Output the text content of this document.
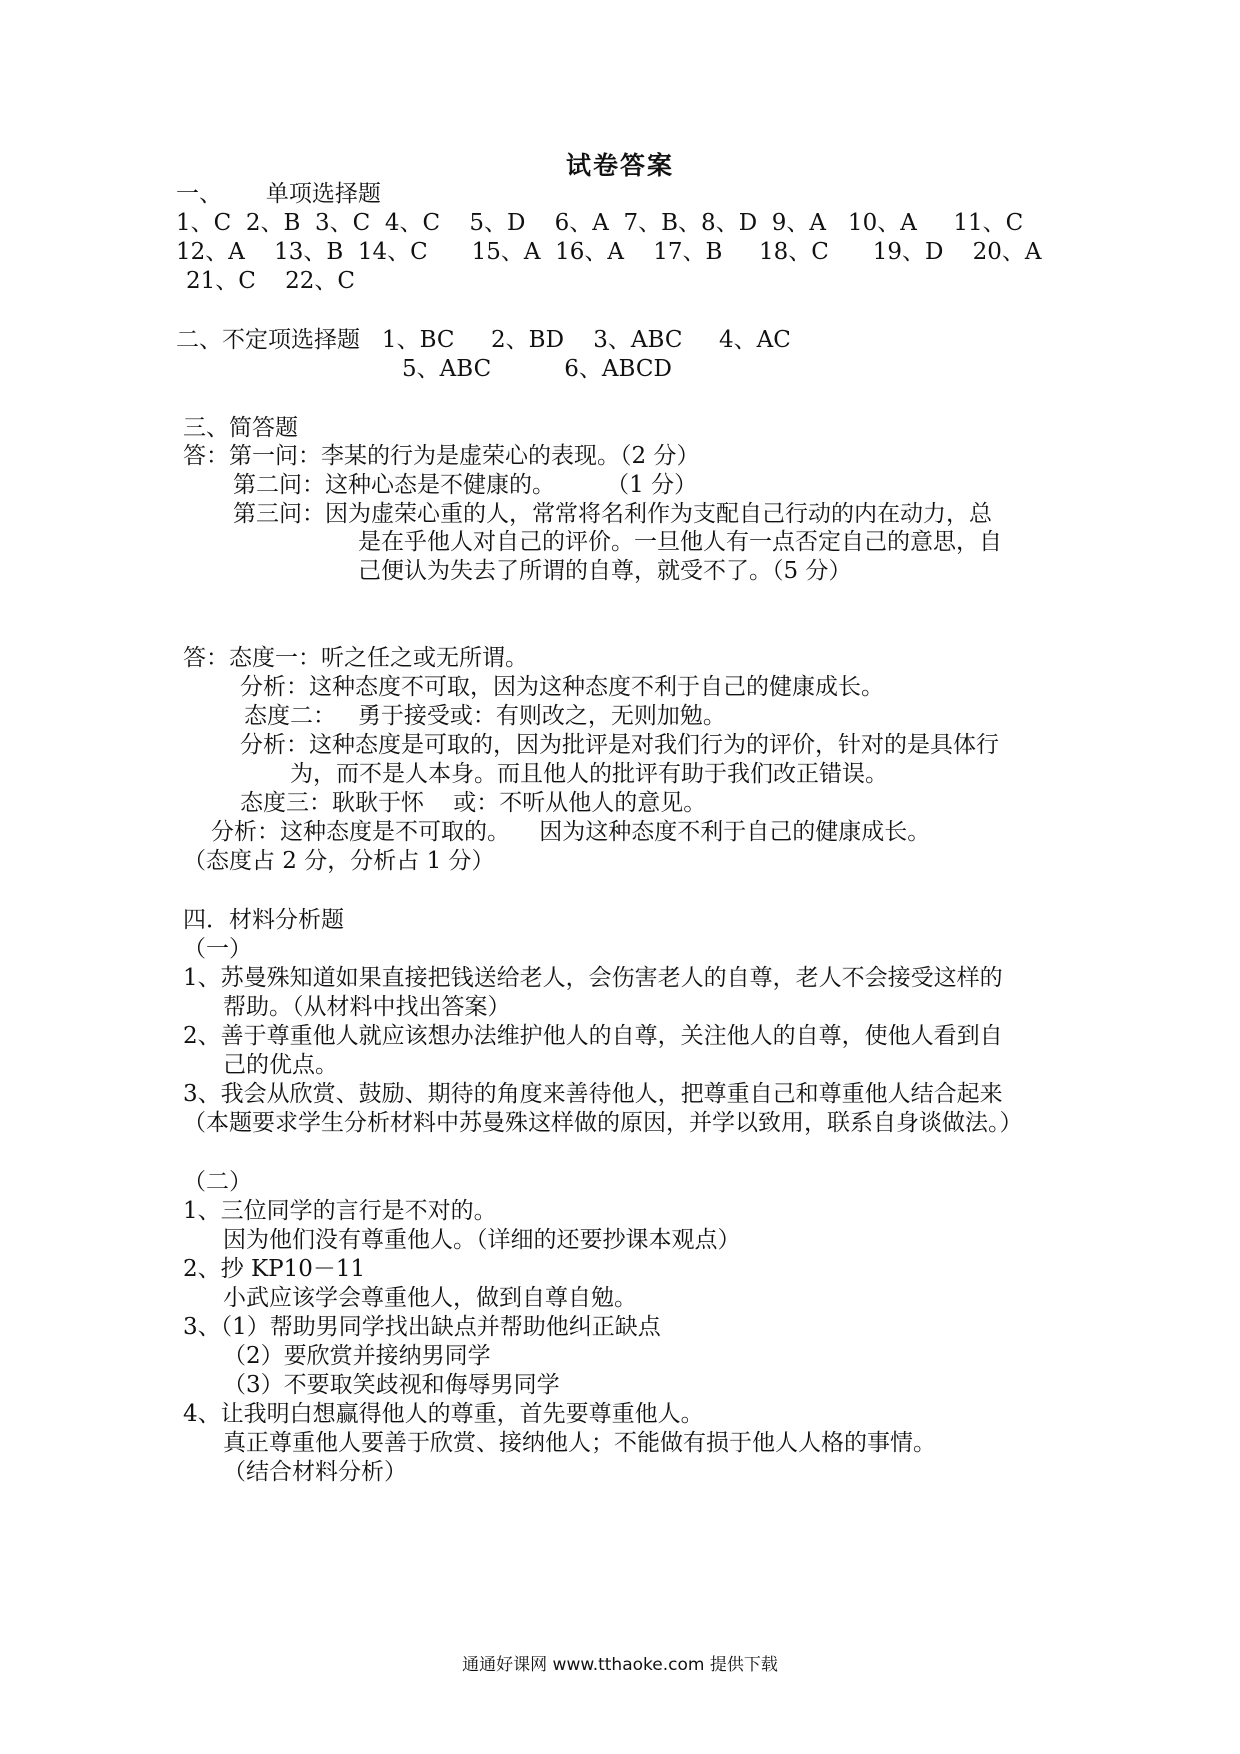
试卷答案
一、      单项选择题
1、C  2、B  3、C  4、C    5、D    6、A  7、B、8、D  9、A   10、A     11、C
12、A    13、B  14、C      15、A  16、A    17、B     18、C      19、D    20、A
21、C    22、C
二、不定项选择题   1、BC     2、BD    3、ABC     4、AC
5、ABC          6、ABCD
三、简答题
答：第一问：李某的行为是虚荣心的表现。（2 分）
第二问：这种心态是不健康的。       （1 分）
第三问：因为虚荣心重的人，常常将名利作为支配自己行动的内在动力，总
是在乎他人对自己的评价。一旦他人有一点否定自己的意思，自
己便认为失去了所谓的自尊，就受不了。（5 分）
答：态度一：听之任之或无所谓。
分析：这种态度不可取，因为这种态度不利于自己的健康成长。
态度二：   勇于接受或：有则改之，无则加勉。
分析：这种态度是可取的，因为批评是对我们行为的评价，针对的是具体行
为，而不是人本身。而且他人的批评有助于我们改正错误。
态度三：耿耿于怀    或：不听从他人的意见。
分析：这种态度是不可取的。    因为这种态度不利于自己的健康成长。
（态度占 2 分，分析占 1 分）
四．材料分析题
（一）
1、苏曼殊知道如果直接把钱送给老人，会伤害老人的自尊，老人不会接受这样的
帮助。（从材料中找出答案）
2、善于尊重他人就应该想办法维护他人的自尊，关注他人的自尊，使他人看到自
己的优点。
3、我会从欣赏、鼓励、期待的角度来善待他人，把尊重自己和尊重他人结合起来
（本题要求学生分析材料中苏曼殊这样做的原因，并学以致用，联系自身谈做法。）
（二）
1、三位同学的言行是不对的。
因为他们没有尊重他人。（详细的还要抄课本观点）
2、抄 KP10－11
小武应该学会尊重他人，做到自尊自勉。
3、（1）帮助男同学找出缺点并帮助他纠正缺点
（2）要欣赏并接纳男同学
（3）不要取笑歧视和侮辱男同学
4、让我明白想赢得他人的尊重，首先要尊重他人。
真正尊重他人要善于欣赏、接纳他人；不能做有损于他人人格的事情。
（结合材料分析）
通通好课网 www.tthaoke.com 提供下载
